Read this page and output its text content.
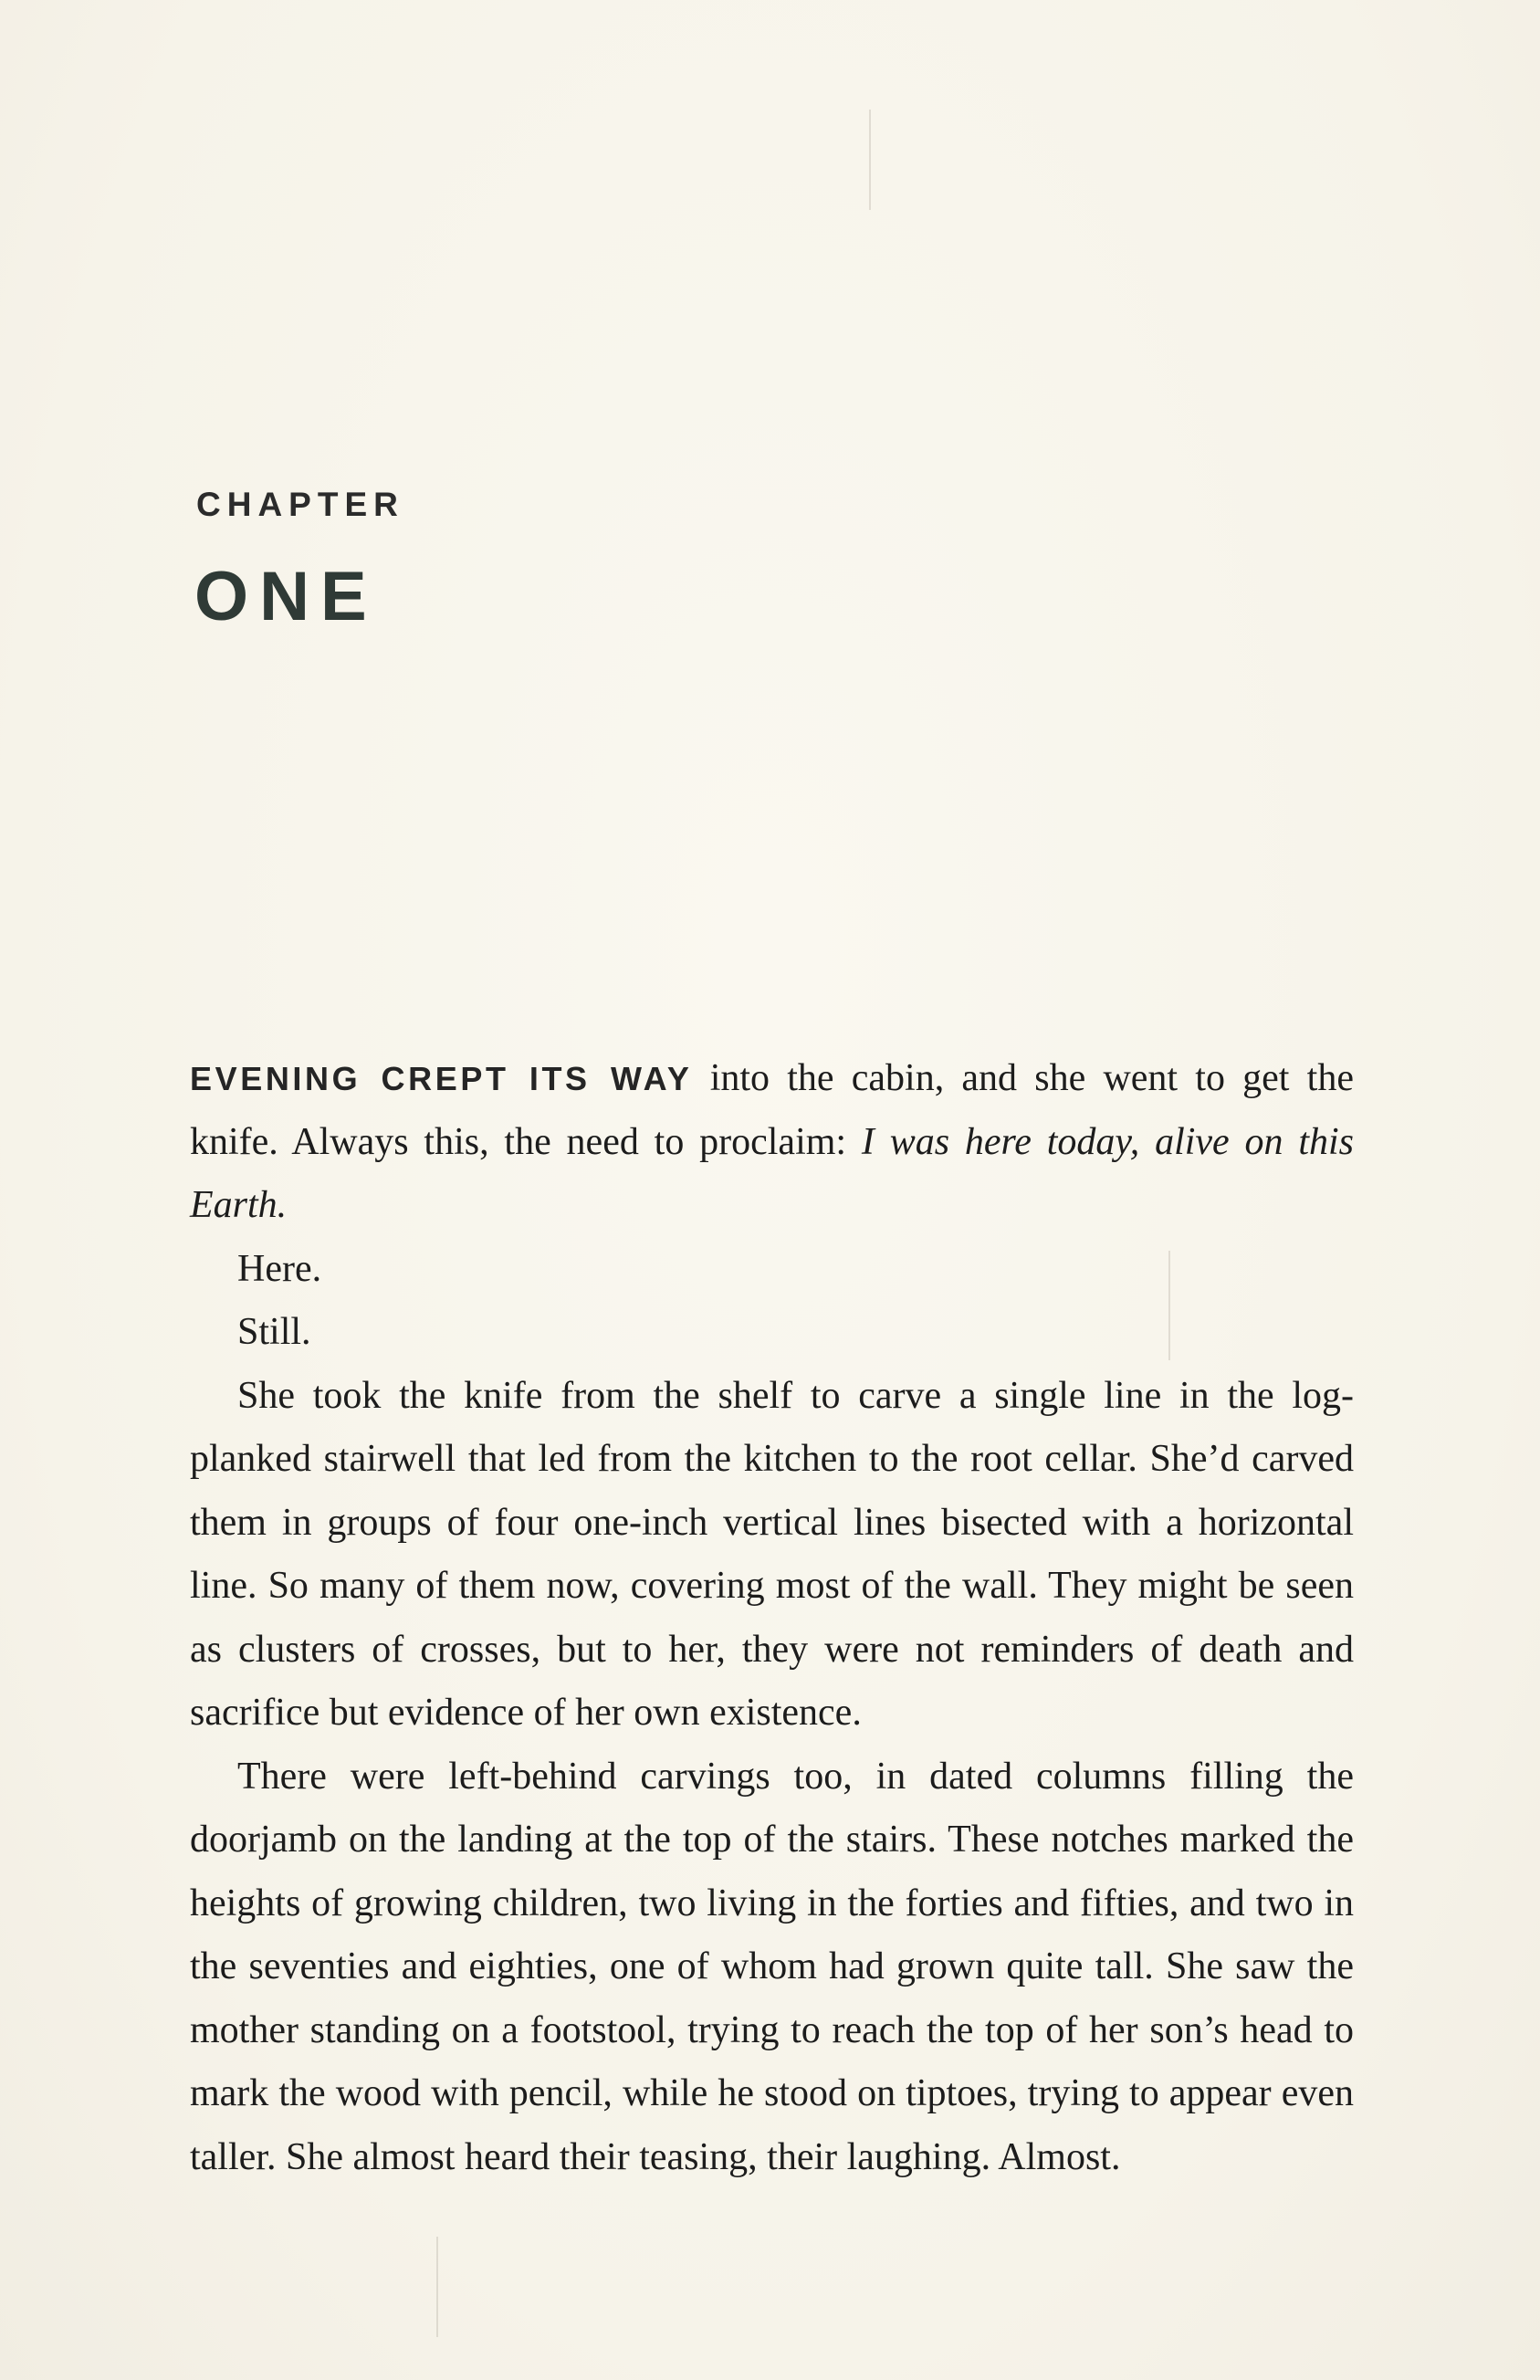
CHAPTER
ONE

EVENING CREPT ITS WAY into the cabin, and she went to get the knife. Always this, the need to proclaim: I was here today, alive on this Earth.

Here.

Still.

She took the knife from the shelf to carve a single line in the log-planked stairwell that led from the kitchen to the root cellar. She’d carved them in groups of four one-inch vertical lines bisected with a horizontal line. So many of them now, covering most of the wall. They might be seen as clusters of crosses, but to her, they were not reminders of death and sacrifice but evidence of her own existence.

There were left-behind carvings too, in dated columns filling the doorjamb on the landing at the top of the stairs. These notches marked the heights of growing children, two living in the forties and fifties, and two in the seventies and eighties, one of whom had grown quite tall. She saw the mother standing on a footstool, trying to reach the top of her son’s head to mark the wood with pencil, while he stood on tiptoes, trying to appear even taller. She almost heard their teasing, their laughing. Almost.
